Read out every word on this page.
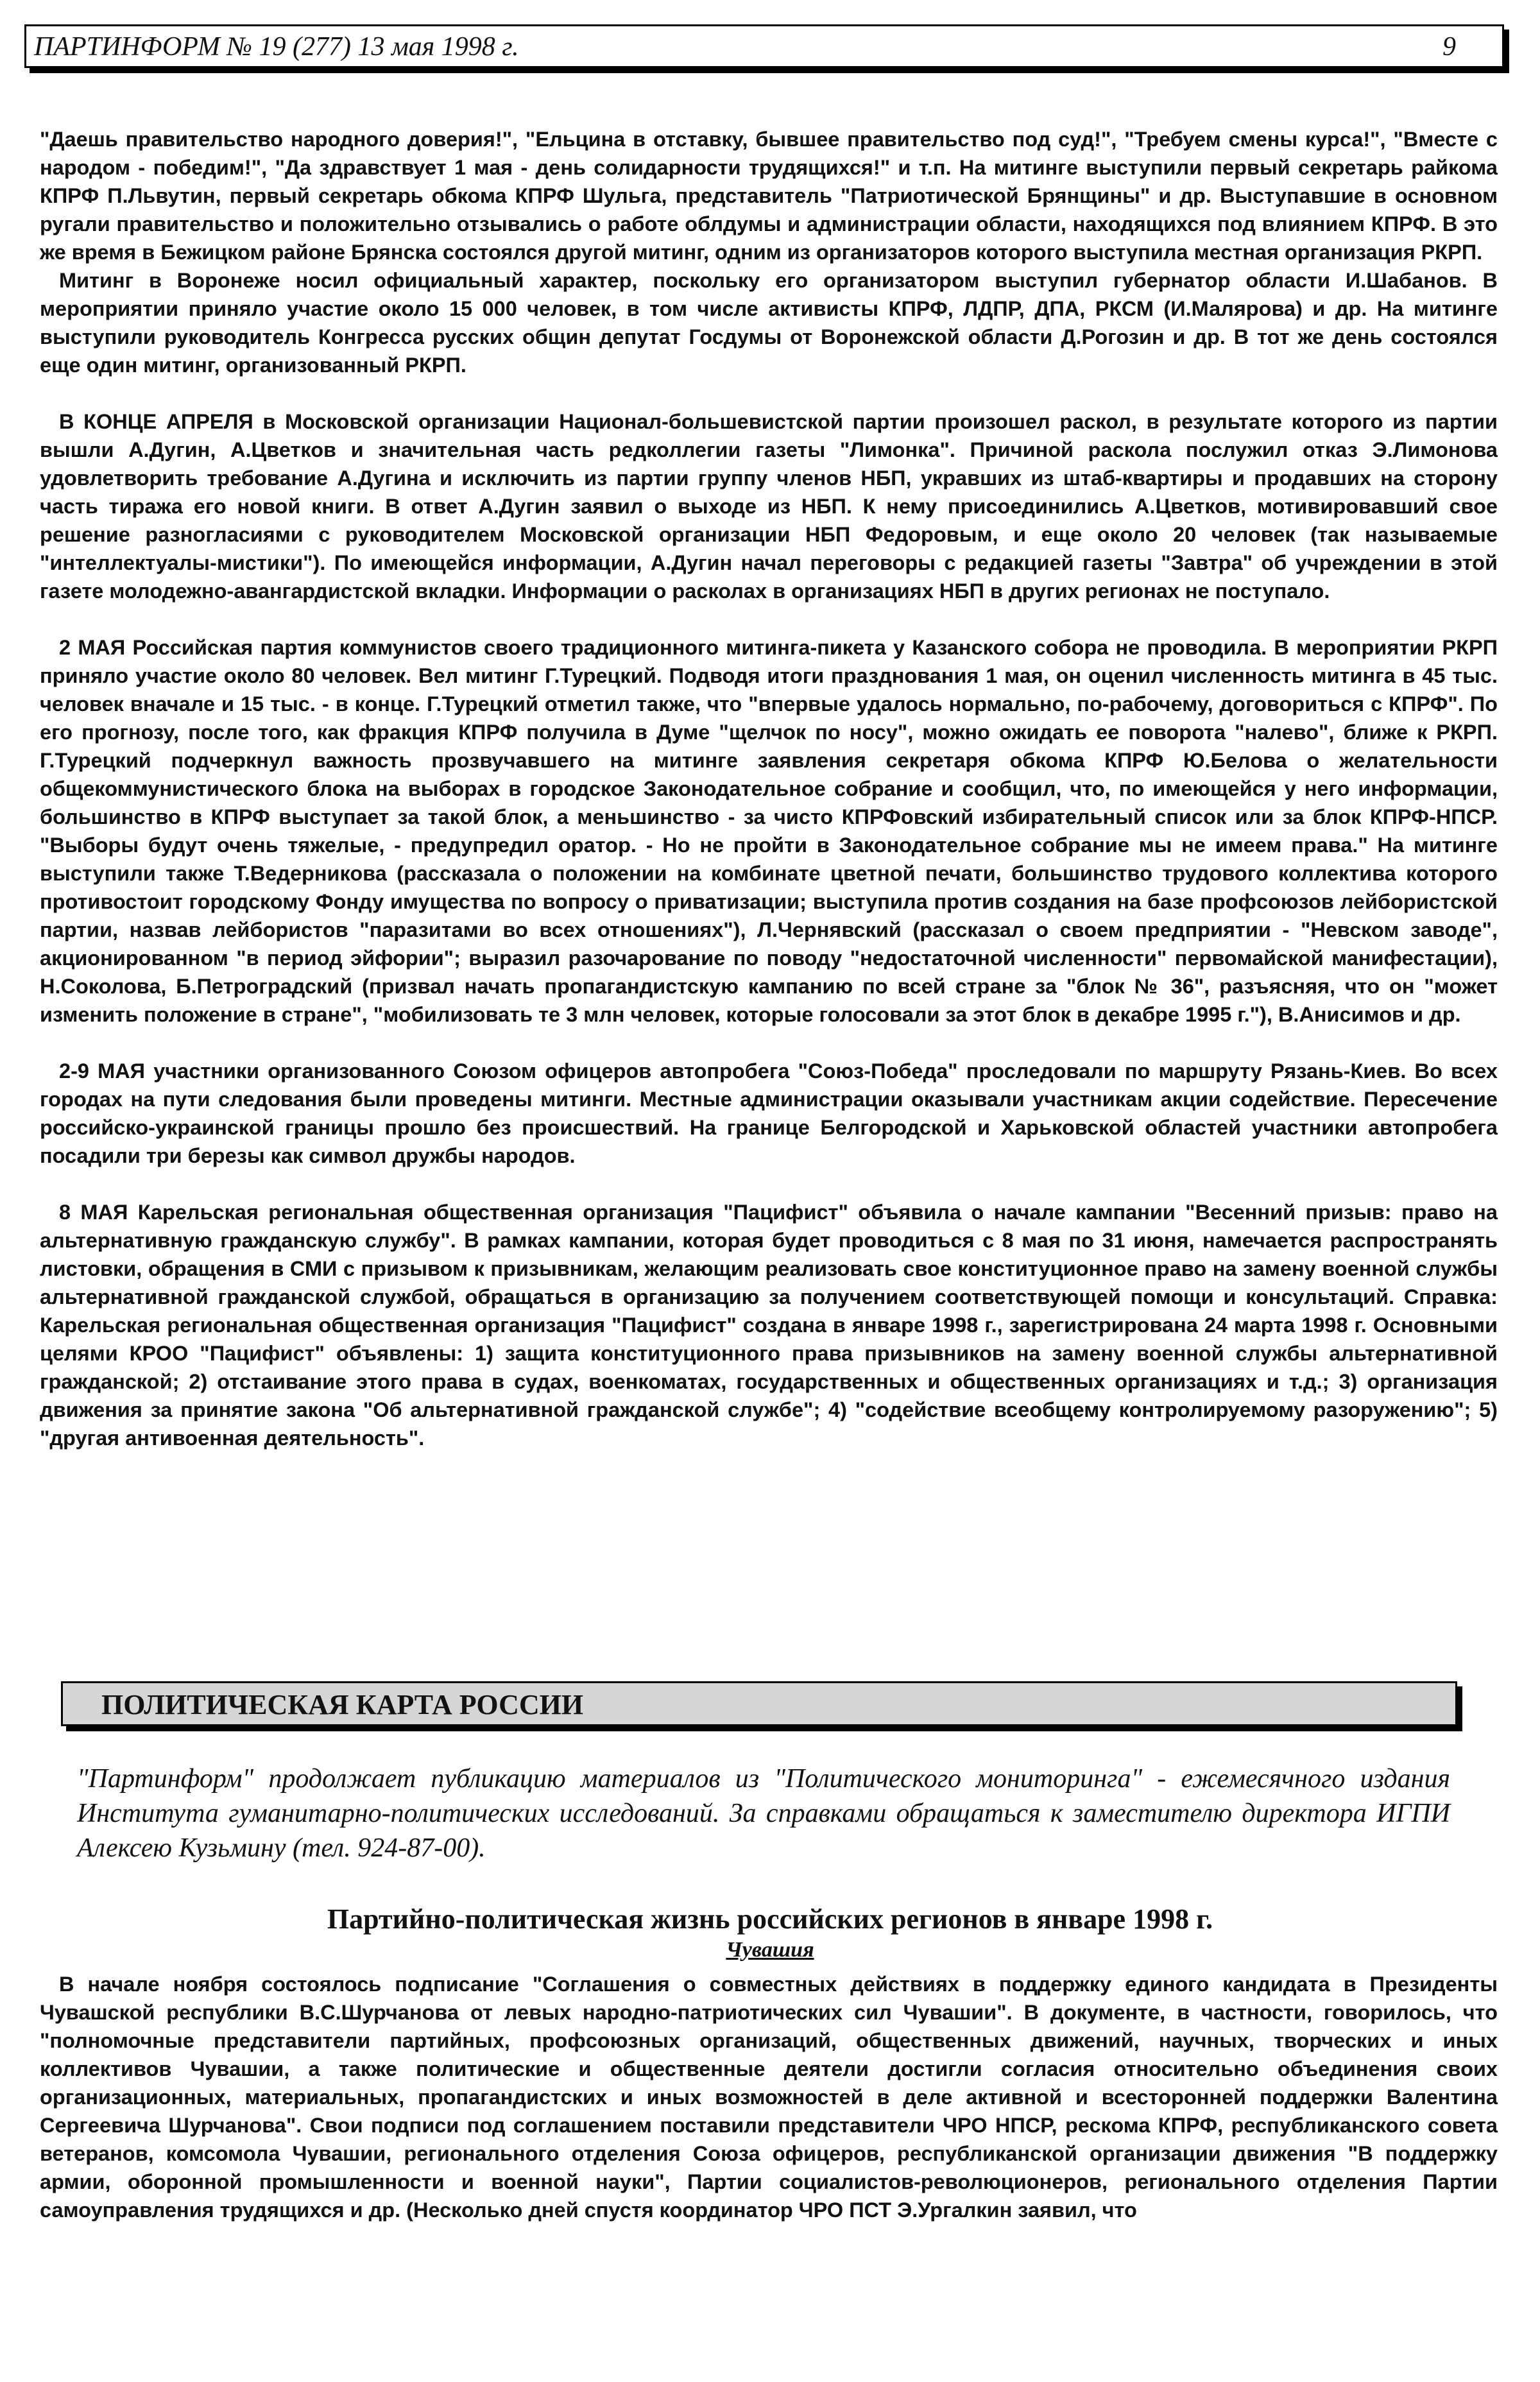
ПАРТИНФОРМ № 19 (277) 13 мая 1998 г.	9

"Даешь правительство народного доверия!", "Ельцина в отставку, бывшее правительство под суд!", "Требуем смены курса!", "Вместе с народом - победим!", "Да здравствует 1 мая - день солидарности трудящихся!" и т.п. На митинге выступили первый секретарь райкома КПРФ П.Львутин, первый секретарь обкома КПРФ Шульга, представитель "Патриотической Брянщины" и др. Выступавшие в основном ругали правительство и положительно отзывались о работе облдумы и администрации области, находящихся под влиянием КПРФ. В это же время в Бежицком районе Брянска состоялся другой митинг, одним из организаторов которого выступила местная организация РКРП.

Митинг в Воронеже носил официальный характер, поскольку его организатором выступил губернатор области И.Шабанов. В мероприятии приняло участие около 15 000 человек, в том числе активисты КПРФ, ЛДПР, ДПА, РКСМ (И.Малярова) и др. На митинге выступили руководитель Конгресса русских общин депутат Госдумы от Воронежской области Д.Рогозин и др. В тот же день состоялся еще один митинг, организованный РКРП.

В КОНЦЕ АПРЕЛЯ в Московской организации Национал-большевистской партии произошел раскол, в результате которого из партии вышли А.Дугин, А.Цветков и значительная часть редколлегии газеты "Лимонка". Причиной раскола послужил отказ Э.Лимонова удовлетворить требование А.Дугина и исключить из партии группу членов НБП, укравших из штаб-квартиры и продавших на сторону часть тиража его новой книги. В ответ А.Дугин заявил о выходе из НБП. К нему присоединились А.Цветков, мотивировавший свое решение разногласиями с руководителем Московской организации НБП Федоровым, и еще около 20 человек (так называемые "интеллектуалы-мистики"). По имеющейся информации, А.Дугин начал переговоры с редакцией газеты "Завтра" об учреждении в этой газете молодежно-авангардистской вкладки. Информации о расколах в организациях НБП в других регионах не поступало.

2 МАЯ Российская партия коммунистов своего традиционного митинга-пикета у Казанского собора не проводила. В мероприятии РКРП приняло участие около 80 человек. Вел митинг Г.Турецкий. Подводя итоги празднования 1 мая, он оценил численность митинга в 45 тыс. человек вначале и 15 тыс. - в конце. Г.Турецкий отметил также, что "впервые удалось нормально, по-рабочему, договориться с КПРФ". По его прогнозу, после того, как фракция КПРФ получила в Думе "щелчок по носу", можно ожидать ее поворота "налево", ближе к РКРП. Г.Турецкий подчеркнул важность прозвучавшего на митинге заявления секретаря обкома КПРФ Ю.Белова о желательности общекоммунистического блока на выборах в городское Законодательное собрание и сообщил, что, по имеющейся у него информации, большинство в КПРФ выступает за такой блок, а меньшинство - за чисто КПРФовский избирательный список или за блок КПРФ-НПСР. "Выборы будут очень тяжелые, - предупредил оратор. - Но не пройти в Законодательное собрание мы не имеем права." На митинге выступили также Т.Ведерникова (рассказала о положении на комбинате цветной печати, большинство трудового коллектива которого противостоит городскому Фонду имущества по вопросу о приватизации; выступила против создания на базе профсоюзов лейбористской партии, назвав лейбористов "паразитами во всех отношениях"), Л.Чернявский (рассказал о своем предприятии - "Невском заводе", акционированном "в период эйфории"; выразил разочарование по поводу "недостаточной численности" первомайской манифестации), Н.Соколова, Б.Петроградский (призвал начать пропагандистскую кампанию по всей стране за "блок № 36", разъясняя, что он "может изменить положение в стране", "мобилизовать те 3 млн человек, которые голосовали за этот блок в декабре 1995 г."), В.Анисимов и др.

2-9 МАЯ участники организованного Союзом офицеров автопробега "Союз-Победа" проследовали по маршруту Рязань-Киев. Во всех городах на пути следования были проведены митинги. Местные администрации оказывали участникам акции содействие. Пересечение российско-украинской границы прошло без происшествий. На границе Белгородской и Харьковской областей участники автопробега посадили три березы как символ дружбы народов.

8 МАЯ Карельская региональная общественная организация "Пацифист" объявила о начале кампании "Весенний призыв: право на альтернативную гражданскую службу". В рамках кампании, которая будет проводиться с 8 мая по 31 июня, намечается распространять листовки, обращения в СМИ с призывом к призывникам, желающим реализовать свое конституционное право на замену военной службы альтернативной гражданской службой, обращаться в организацию за получением соответствующей помощи и консультаций. Справка: Карельская региональная общественная организация "Пацифист" создана в январе 1998 г., зарегистрирована 24 марта 1998 г. Основными целями КРОО "Пацифист" объявлены: 1) защита конституционного права призывников на замену военной службы альтернативной гражданской; 2) отстаивание этого права в судах, военкоматах, государственных и общественных организациях и т.д.; 3) организация движения за принятие закона "Об альтернативной гражданской службе"; 4) "содействие всеобщему контролируемому разоружению"; 5) "другая антивоенная деятельность".

ПОЛИТИЧЕСКАЯ КАРТА РОССИИ

"Партинформ" продолжает публикацию материалов из "Политического мониторинга" - ежемесячного издания Института гуманитарно-политических исследований. За справками обращаться к заместителю директора ИГПИ Алексею Кузьмину (тел. 924-87-00).

Партийно-политическая жизнь российских регионов в январе 1998 г.
Чувашия

В начале ноября состоялось подписание "Соглашения о совместных действиях в поддержку единого кандидата в Президенты Чувашской республики В.С.Шурчанова от левых народно-патриотических сил Чувашии". В документе, в частности, говорилось, что "полномочные представители партийных, профсоюзных организаций, общественных движений, научных, творческих и иных коллективов Чувашии, а также политические и общественные деятели достигли согласия относительно объединения своих организационных, материальных, пропагандистских и иных возможностей в деле активной и всесторонней поддержки Валентина Сергеевича Шурчанова". Свои подписи под соглашением поставили представители ЧРО НПСР, рескома КПРФ, республиканского совета ветеранов, комсомола Чувашии, регионального отделения Союза офицеров, республиканской организации движения "В поддержку армии, оборонной промышленности и военной науки", Партии социалистов-революционеров, регионального отделения Партии самоуправления трудящихся и др. (Несколько дней спустя координатор ЧРО ПСТ Э.Ургалкин заявил, что
